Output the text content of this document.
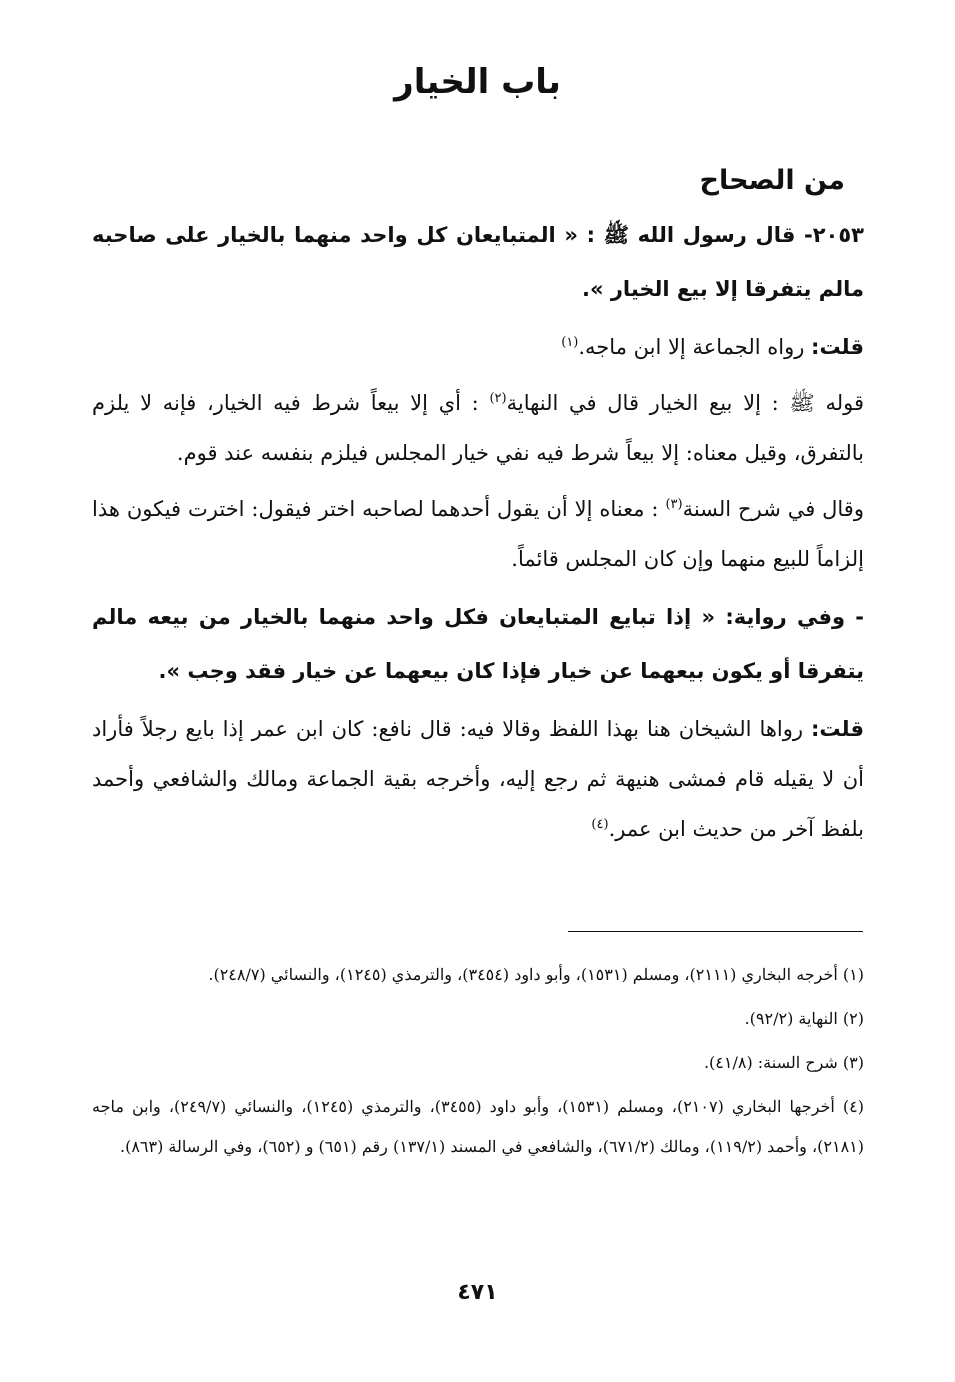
باب الخيار
من الصحاح

٢٠٥٣- قال رسول الله ﷺ : « المتبايعان كل واحد منهما بالخيار على صاحبه مالم يتفرقا إلا بيع الخيار ».

قلت: رواه الجماعة إلا ابن ماجه.$^{(١)}$

قوله ﷺ : إلا بيع الخيار قال في النهاية$^{(٢)}$ : أي إلا بيعاً شرط فيه الخيار، فإنه لا يلزم بالتفرق، وقيل معناه: إلا بيعاً شرط فيه نفي خيار المجلس فيلزم بنفسه عند قوم.

وقال في شرح السنة$^{(٣)}$ : معناه إلا أن يقول أحدهما لصاحبه اختر فيقول: اخترت فيكون هذا إلزاماً للبيع منهما وإن كان المجلس قائماً.

- وفي رواية: « إذا تبايع المتبايعان فكل واحد منهما بالخيار من بيعه مالم يتفرقا أو يكون بيعهما عن خيار فإذا كان بيعهما عن خيار فقد وجب ».

قلت: رواها الشيخان هنا بهذا اللفظ وقالا فيه: قال نافع: كان ابن عمر إذا بايع رجلاً فأراد أن لا يقيله قام فمشى هنيهة ثم رجع إليه، وأخرجه بقية الجماعة ومالك والشافعي وأحمد بلفظ آخر من حديث ابن عمر.$^{(٤)}$

(١) أخرجه البخاري (٢١١١)، ومسلم (١٥٣١)، وأبو داود (٣٤٥٤)، والترمذي (١٢٤٥)، والنسائي (٢٤٨/٧).

(٢) النهاية (٩٢/٢).

(٣) شرح السنة: (٤١/٨).

(٤) أخرجها البخاري (٢١٠٧)، ومسلم (١٥٣١)، وأبو داود (٣٤٥٥)، والترمذي (١٢٤٥)، والنسائي (٢٤٩/٧)، وابن ماجه (٢١٨١)، وأحمد (١١٩/٢)، ومالك (٦٧١/٢)، والشافعي في المسند (١٣٧/١) رقم (٦٥١) و (٦٥٢)، وفي الرسالة (٨٦٣).

٤٧١
